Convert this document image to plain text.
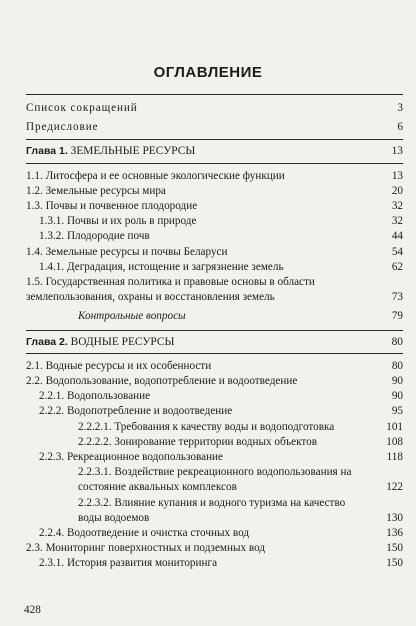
ОГЛАВЛЕНИЕ
Список сокращений	3
Предисловие	6
Глава 1. ЗЕМЕЛЬНЫЕ РЕСУРСЫ	13
1.1. Литосфера и ее основные экологические функции	13
1.2. Земельные ресурсы мира	20
1.3. Почвы и почвенное плодородие	32
1.3.1. Почвы и их роль в природе	32
1.3.2. Плодородие почв	44
1.4. Земельные ресурсы и почвы Беларуси	54
1.4.1. Деградация, истощение и загрязнение земель	62
1.5. Государственная политика и правовые основы в области землепользования, охраны и восстановления земель	73
Контрольные вопросы	79
Глава 2. ВОДНЫЕ РЕСУРСЫ	80
2.1. Водные ресурсы и их особенности	80
2.2. Водопользование, водопотребление и водоотведение	90
2.2.1. Водопользование	90
2.2.2. Водопотребление и водоотведение	95
2.2.2.1. Требования к качеству воды и водоподготовка	101
2.2.2.2. Зонирование территории водных объектов	108
2.2.3. Рекреационное водопользование	118
2.2.3.1. Воздействие рекреационного водопользования на состояние аквальных комплексов	122
2.2.3.2. Влияние купания и водного туризма на качество воды водоемов	130
2.2.4. Водоотведение и очистка сточных вод	136
2.3. Мониторинг поверхностных и подземных вод	150
2.3.1. История развития мониторинга	150
428
